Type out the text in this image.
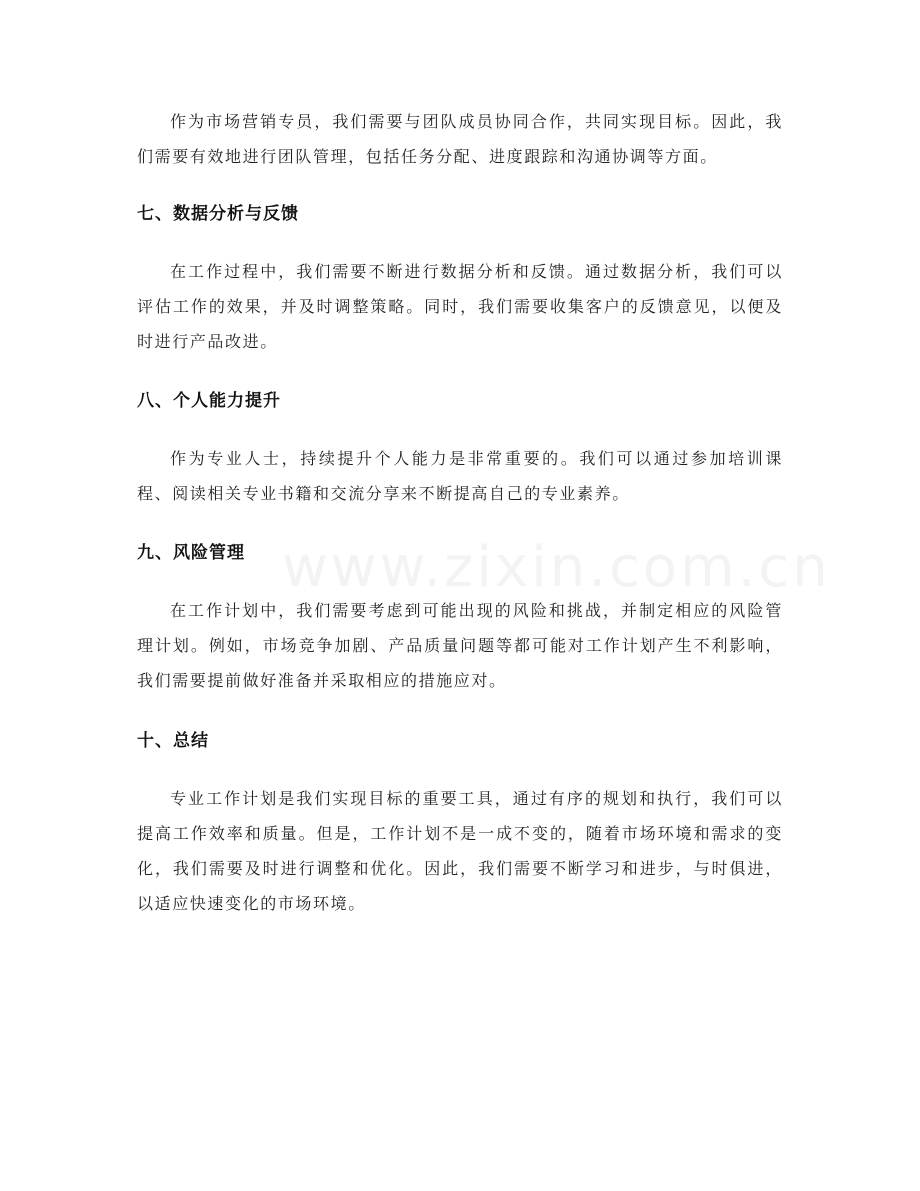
作为市场营销专员，我们需要与团队成员协同合作，共同实现目标。因此，我们需要有效地进行团队管理，包括任务分配、进度跟踪和沟通协调等方面。

七、数据分析与反馈

在工作过程中，我们需要不断进行数据分析和反馈。通过数据分析，我们可以评估工作的效果，并及时调整策略。同时，我们需要收集客户的反馈意见，以便及时进行产品改进。

八、个人能力提升

作为专业人士，持续提升个人能力是非常重要的。我们可以通过参加培训课程、阅读相关专业书籍和交流分享来不断提高自己的专业素养。

九、风险管理

在工作计划中，我们需要考虑到可能出现的风险和挑战，并制定相应的风险管理计划。例如，市场竞争加剧、产品质量问题等都可能对工作计划产生不利影响，我们需要提前做好准备并采取相应的措施应对。

十、总结

专业工作计划是我们实现目标的重要工具，通过有序的规划和执行，我们可以提高工作效率和质量。但是，工作计划不是一成不变的，随着市场环境和需求的变化，我们需要及时进行调整和优化。因此，我们需要不断学习和进步，与时俱进，以适应快速变化的市场环境。

www.zixin.com.cn
